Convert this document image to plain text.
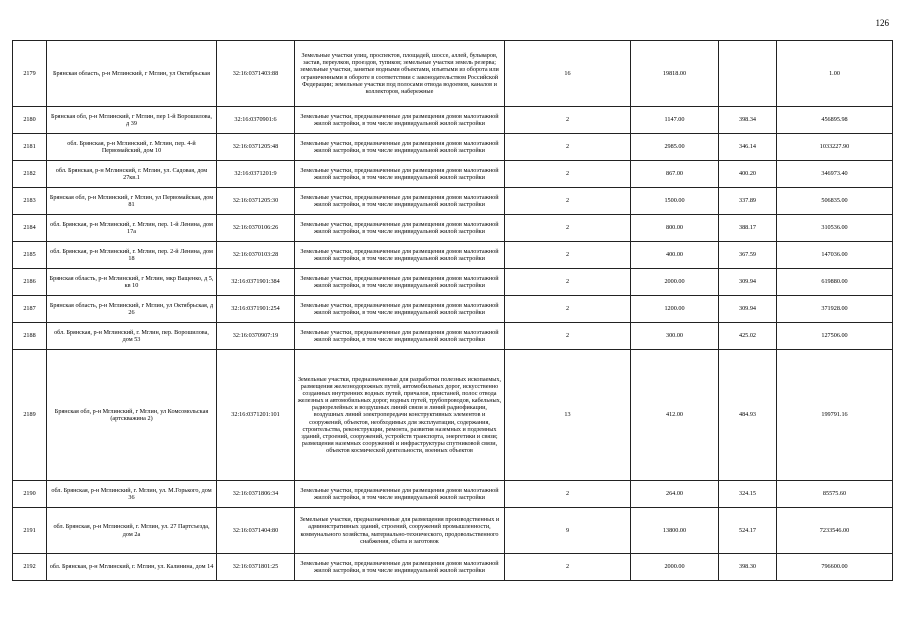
126
2179	Брянская область, р-н Мглинский, г Мглин, ул Октябрьская	32:16:0371403:88	Земельные участки улиц, проспектов, площадей, шоссе, аллей, бульваров, застав, переулков, проездов, тупиков; земельные участки земель резерва; земельные участки, занятые водными объектами, изъятыми из оборота или ограниченными в обороте в соответствии с законодательством Российской Федерации; земельные участки под полосами отвода водоемов, каналов и коллекторов, набережные	16	19818.00		1.00
2180	Брянская обл, р-н Мглинский, г Мглин, пер 1-й Ворошилова, д 39	32:16:0370901:6	Земельные участки, предназначенные для размещения домов малоэтажной жилой застройки, в том числе индивидуальной жилой застройки	2	1147.00	398.34	456895.98
2181	обл. Брянская, р-н Мглинский, г. Мглин, пер. 4-й Первомайский, дом 10	32:16:0371205:48	Земельные участки, предназначенные для размещения домов малоэтажной жилой застройки, в том числе индивидуальной жилой застройки	2	2985.00	346.14	1033227.90
2182	обл. Брянская, р-н Мглинский, г. Мглин, ул. Садовая, дом 27кв.1	32:16:0371201:9	Земельные участки, предназначенные для размещения домов малоэтажной жилой застройки, в том числе индивидуальной жилой застройки	2	867.00	400.20	346973.40
2183	Брянская обл, р-н Мглинский, г Мглин, ул Первомайская, дом 81	32:16:0371205:30	Земельные участки, предназначенные для размещения домов малоэтажной жилой застройки, в том числе индивидуальной жилой застройки	2	1500.00	337.89	506835.00
2184	обл. Брянская, р-н Мглинский, г. Мглин, пер. 1-й Ленина, дом 17а	32:16:0370106:26	Земельные участки, предназначенные для размещения домов малоэтажной жилой застройки, в том числе индивидуальной жилой застройки	2	800.00	388.17	310536.00
2185	обл. Брянская, р-н Мглинский, г. Мглин, пер. 2-й Ленина, дом 18	32:16:0370103:28	Земельные участки, предназначенные для размещения домов малоэтажной жилой застройки, в том числе индивидуальной жилой застройки	2	400.00	367.59	147036.00
2186	Брянская область, р-н Мглинский, г Мглин, мкр Ващенко, д 5, кв 10	32:16:0371901:384	Земельные участки, предназначенные для размещения домов малоэтажной жилой застройки, в том числе индивидуальной жилой застройки	2	2000.00	309.94	619880.00
2187	Брянская область, р-н Мглинский, г Мглин, ул Октябрьская, д 26	32:16:0371901:254	Земельные участки, предназначенные для размещения домов малоэтажной жилой застройки, в том числе индивидуальной жилой застройки	2	1200.00	309.94	371928.00
2188	обл. Брянская, р-н Мглинский, г. Мглин, пер. Ворошилова, дом 53	32:16:0370907:19	Земельные участки, предназначенные для размещения домов малоэтажной жилой застройки, в том числе индивидуальной жилой застройки	2	300.00	425.02	127506.00
2189	Брянская обл, р-н Мглинский, г Мглин, ул Комсомольская (артскважина 2)	32:16:0371201:101	Земельные участки, предназначенные для разработки полезных ископаемых, размещения железнодорожных путей, автомобильных дорог, искусственно созданных внутренних водных путей, причалов, пристаней, полос отвода железных и автомобильных дорог, водных путей, трубопроводов, кабельных, радиорелейных и воздушных линий связи и линий радиофикации, воздушных линий электропередачи конструктивных элементов и сооружений, объектов, необходимых для эксплуатации, содержания, строительства, реконструкции, ремонта, развития наземных и подземных зданий, строений, сооружений, устройств транспорта, энергетики и связи; размещения наземных сооружений и инфраструктуры спутниковой связи, объектов космической деятельности, военных объектов	13	412.00	484.93	199791.16
2190	обл. Брянская, р-н Мглинский, г. Мглин, ул. М.Горького, дом 36	32:16:0371806:34	Земельные участки, предназначенные для размещения домов малоэтажной жилой застройки, в том числе индивидуальной жилой застройки	2	264.00	324.15	85575.60
2191	обл. Брянская, р-н Мглинский, г. Мглин, ул. 27 Партсъезда, дом 2а	32:16:0371404:80	Земельные участки, предназначенные для размещения производственных и административных зданий, строений, сооружений промышленности, коммунального хозяйства, материально-технического, продовольственного снабжения, сбыта и заготовок	9	13800.00	524.17	7233546.00
2192	обл. Брянская, р-н Мглинский, г. Мглин, ул. Калинина, дом 14	32:16:0371801:25	Земельные участки, предназначенные для размещения домов малоэтажной жилой застройки, в том числе индивидуальной жилой застройки	2	2000.00	398.30	796600.00
